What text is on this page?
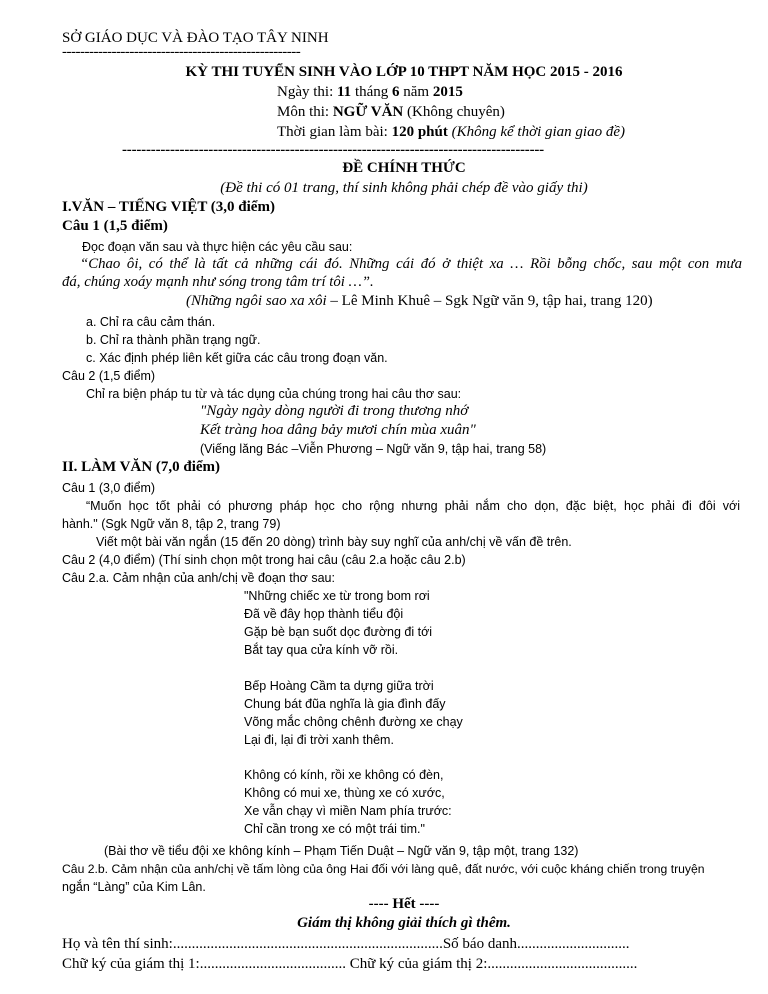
SỞ GIÁO DỤC VÀ ĐÀO TẠO TÂY NINH
-----------------------------------------------------
KỲ THI TUYỂN SINH VÀO LỚP 10 THPT NĂM HỌC 2015 - 2016
Ngày thi: 11 tháng 6 năm 2015
Môn thi: NGỮ VĂN (Không chuyên)
Thời gian làm bài: 120 phút (Không kể thời gian giao đề)
----------------------------------------------------------------------------------------
ĐỀ CHÍNH THỨC
(Đề thi có 01 trang, thí sinh không phải chép đề vào giấy thi)
I.VĂN – TIẾNG VIỆT (3,0 điểm)
Câu 1 (1,5 điểm)
Đọc đoạn văn sau và thực hiện các yêu cầu sau:
“Chao ôi, có thể là tất cả những cái đó. Những cái đó ở thiệt xa … Rồi bỗng chốc, sau một con mưa
đá, chúng xoáy mạnh như sóng trong tâm trí tôi …”.
(Những ngôi sao xa xôi – Lê Minh Khuê – Sgk Ngữ văn 9, tập hai, trang 120)
a. Chỉ ra câu cảm thán.
b. Chỉ ra thành phần trạng ngữ.
c. Xác định phép liên kết giữa các câu trong đoạn văn.
Câu 2 (1,5 điểm)
Chỉ ra biện pháp tu từ và tác dụng của chúng trong hai câu thơ sau:
"Ngày ngày dòng người đi trong thương nhớ
Kết tràng hoa dâng bảy mươi chín mùa xuân"
(Viếng lăng Bác –Viễn Phương – Ngữ văn 9, tập hai, trang 58)
II. LÀM VĂN (7,0 điểm)
Câu 1 (3,0 điểm)
“Muốn học tốt phải có phương pháp học cho rộng nhưng phải nắm cho dọn, đặc biệt, học phải đi đôi với
hành." (Sgk Ngữ văn 8, tập 2, trang 79)
Viết một bài văn ngắn (15 đến 20 dòng) trình bày suy nghĩ của anh/chị về vấn đề trên.
Câu 2 (4,0 điểm) (Thí sinh chọn một trong hai câu (câu 2.a hoặc câu 2.b)
Câu 2.a. Cảm nhận của anh/chị về đoạn thơ sau:
"Những chiếc xe từ trong bom rơi
Đã về đây họp thành tiểu đội
Gặp bè bạn suốt dọc đường đi tới
Bắt tay qua cửa kính vỡ rồi.
Bếp Hoàng Cầm ta dựng giữa trời
Chung bát đũa nghĩa là gia đình đấy
Võng mắc chông chênh đường xe chạy
Lại đi, lại đi trời xanh thêm.
Không có kính, rồi xe không có đèn,
Không có mui xe, thùng xe có xước,
Xe vẫn chạy vì miền Nam phía trước:
Chỉ cần trong xe có một trái tim."
(Bài thơ về tiểu đội xe không kính – Phạm Tiến Duật – Ngữ văn 9, tập một, trang 132)
Câu 2.b. Cảm nhận của anh/chị về tấm lòng của ông Hai đối với làng quê, đất nước, với cuộc kháng chiến trong truyện
ngắn “Làng” của Kim Lân.
---- Hết ----
Giám thị không giải thích gì thêm.
Họ và tên thí sinh:........................................................................Số báo danh..............................
Chữ ký của giám thị 1:....................................... Chữ ký của giám thị 2:........................................
